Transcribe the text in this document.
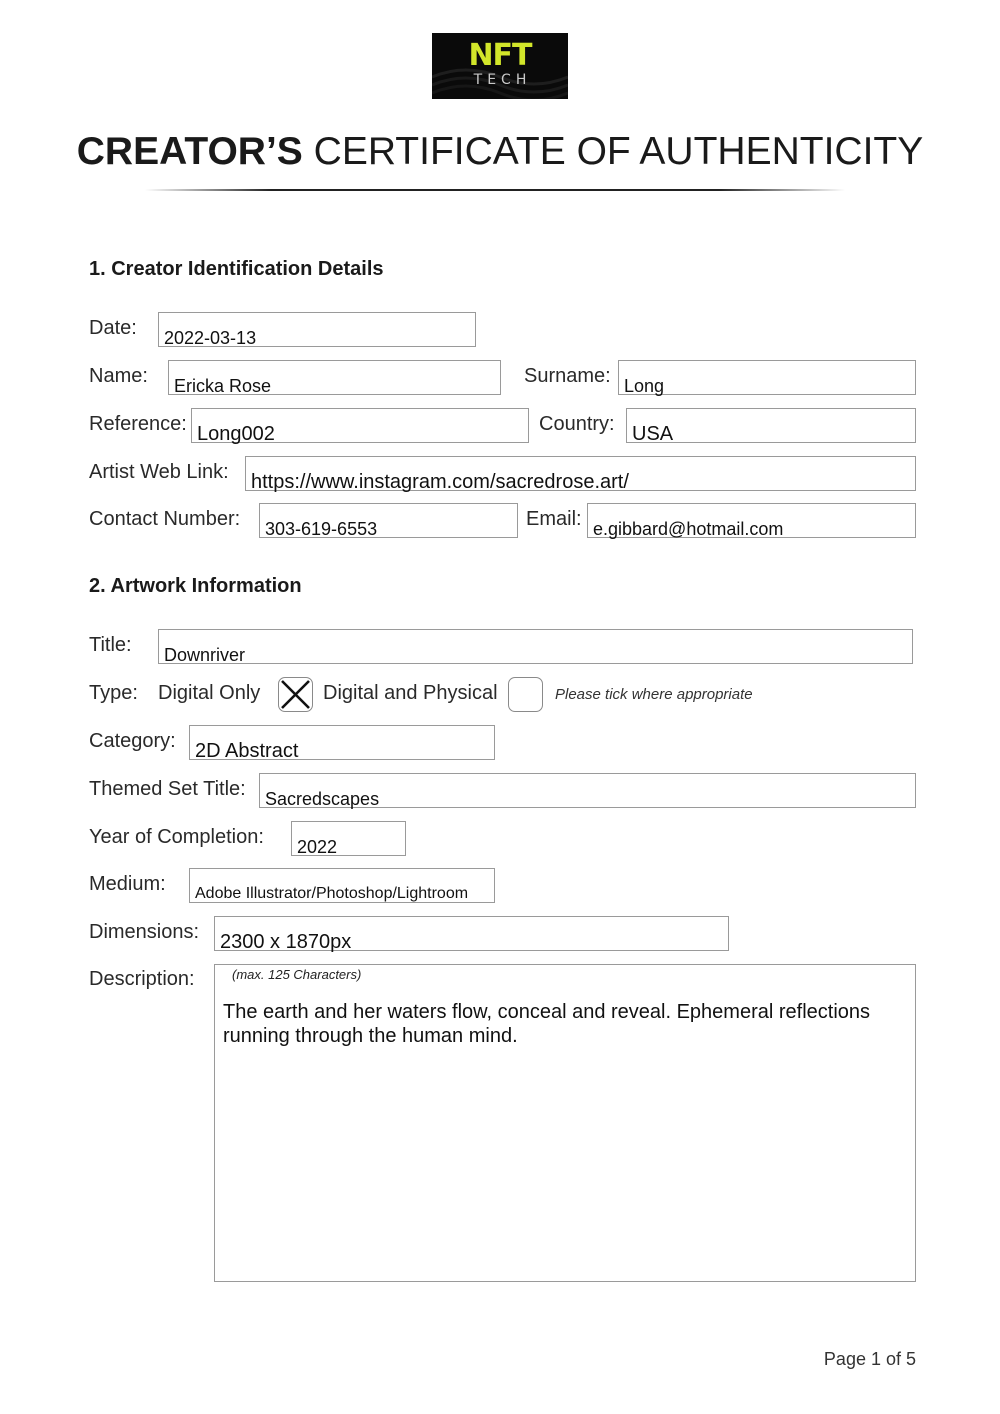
NFT
TECH
CREATOR’S CERTIFICATE OF AUTHENTICITY
1. Creator Identification Details
Date: 2022-03-13
Name: Ericka Rose	Surname: Long
Reference: Long002	Country: USA
Artist Web Link: https://www.instagram.com/sacredrose.art/
Contact Number: 303-619-6553	Email: e.gibbard@hotmail.com
2. Artwork Information
Title: Downriver
Type: Digital Only	Digital and Physical	Please tick where appropriate
Category: 2D Abstract
Themed Set Title: Sacredscapes
Year of Completion: 2022
Medium: Adobe Illustrator/Photoshop/Lightroom
Dimensions: 2300 x 1870px
Description:	(max. 125 Characters)
The earth and her waters flow, conceal and reveal. Ephemeral reflections running through the human mind.
Page 1 of 5
